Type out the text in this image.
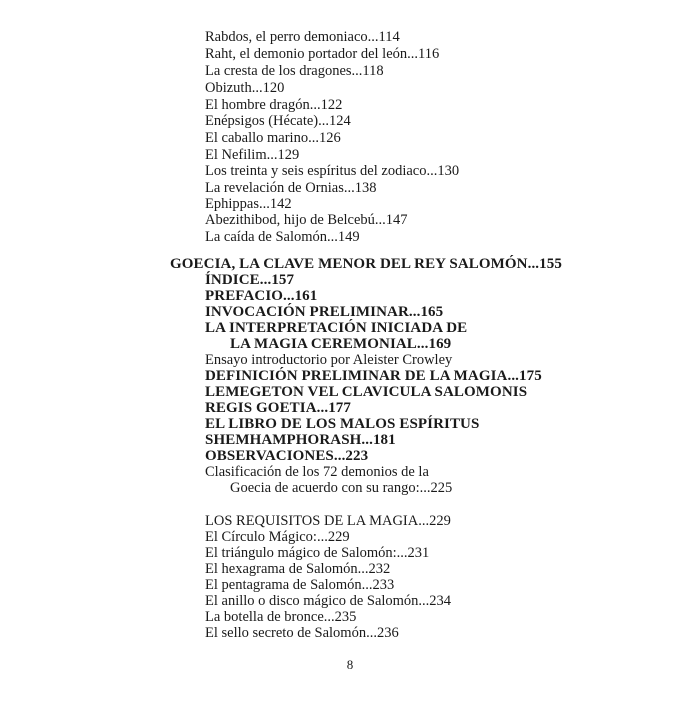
Rabdos, el perro demoniaco...114
Raht, el demonio portador del león...116
La cresta de los dragones...118
Obizuth...120
El hombre dragón...122
Enépsigos (Hécate)...124
El caballo marino...126
El Nefilim...129
Los treinta y seis espíritus del zodiaco...130
La revelación de Ornias...138
Ephippas...142
Abezithibod, hijo de Belcebú...147
La caída de Salomón...149
GOECIA, LA CLAVE MENOR DEL REY SALOMÓN...155
ÍNDICE...157
PREFACIO...161
INVOCACIÓN PRELIMINAR...165
LA INTERPRETACIÓN INICIADA DE
LA MAGIA CEREMONIAL...169
Ensayo introductorio por Aleister Crowley
DEFINICIÓN PRELIMINAR DE LA MAGIA...175
LEMEGETON VEL CLAVICULA SALOMONIS
REGIS GOETIA...177
EL LIBRO DE LOS MALOS ESPÍRITUS
SHEMHAMPHORASH...181
OBSERVACIONES...223
Clasificación de los 72 demonios de la
Goecia de acuerdo con su rango:...225
LOS REQUISITOS DE LA MAGIA...229
El Círculo Mágico:...229
El triángulo mágico de Salomón:...231
El hexagrama de Salomón...232
El pentagrama de Salomón...233
El anillo o disco mágico de Salomón...234
La botella de bronce...235
El sello secreto de Salomón...236
8
